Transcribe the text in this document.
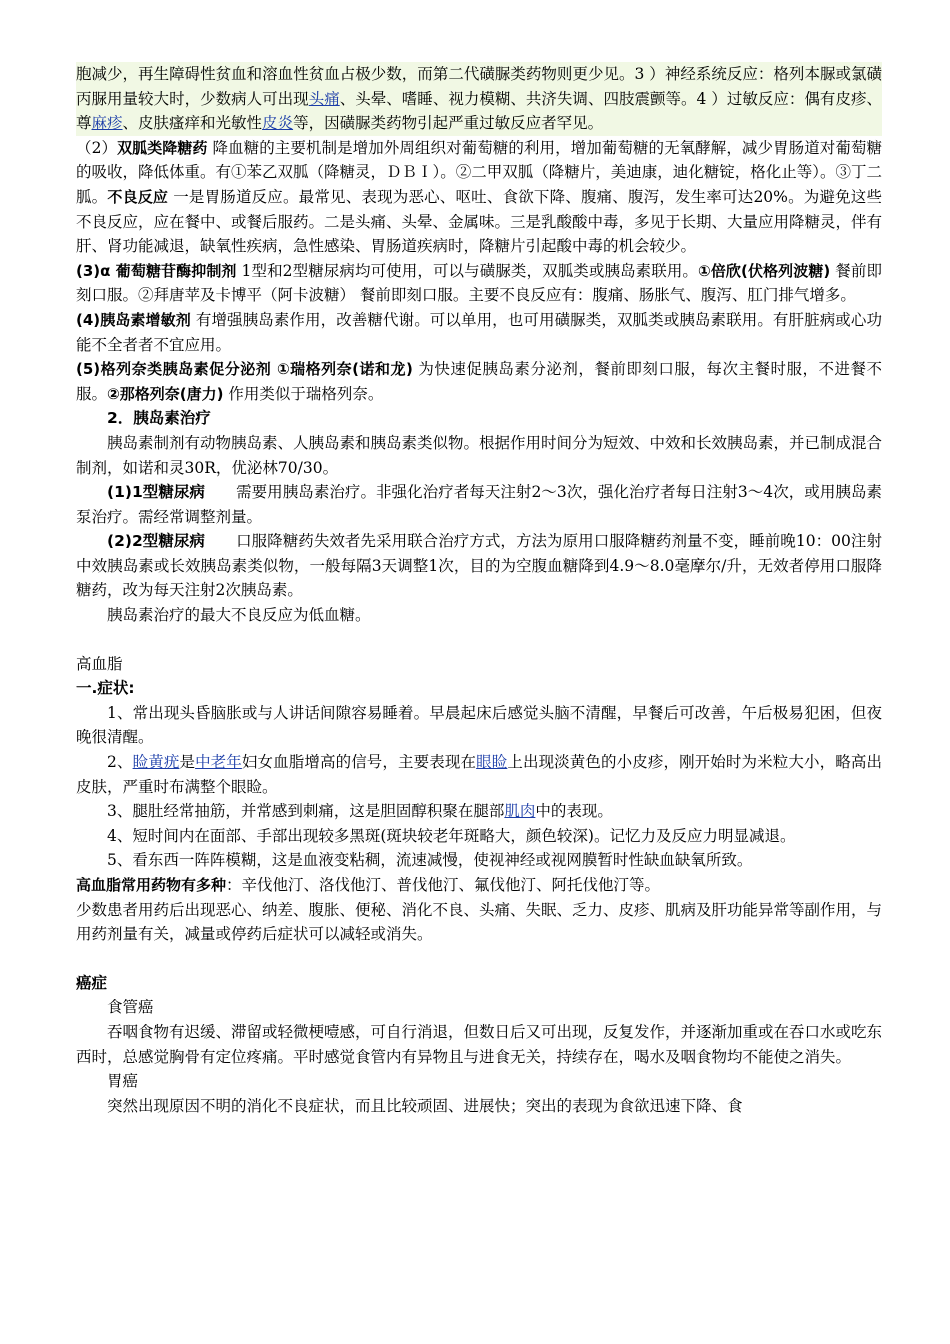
胞减少，再生障碍性贫血和溶血性贫血占极少数，而第二代磺脲类药物则更少见。3 ）神经系统反应：格列本脲或氯磺丙脲用量较大时，少数病人可出现头痛、头晕、嗜睡、视力模糊、共济失调、四肢震颤等。4 ）过敏反应：偶有皮疹、尊麻疹、皮肤瘙痒和光敏性皮炎等，因磺脲类药物引起严重过敏反应者罕见。

（2）双胍类降糖药 降血糖的主要机制是增加外周组织对葡萄糖的利用，增加葡萄糖的无氧酵解，减少胃肠道对葡萄糖的吸收，降低体重。有①苯乙双胍（降糖灵，ＤＢＩ）。②二甲双胍（降糖片，美迪康，迪化糖锭，格化止等）。③丁二胍。不良反应 一是胃肠道反应。最常见、表现为恶心、呕吐、食欲下降、腹痛、腹泻，发生率可达20%。为避免这些不良反应，应在餐中、或餐后服药。二是头痛、头晕、金属味。三是乳酸酸中毒，多见于长期、大量应用降糖灵，伴有肝、肾功能减退，缺氧性疾病，急性感染、胃肠道疾病时，降糖片引起酸中毒的机会较少。

(3)α 葡萄糖苷酶抑制剂 1型和2型糖尿病均可使用，可以与磺脲类，双胍类或胰岛素联用。①倍欣(伏格列波糖) 餐前即刻口服。②拜唐苹及卡博平（阿卡波糖） 餐前即刻口服。主要不良反应有：腹痛、肠胀气、腹泻、肛门排气增多。

(4)胰岛素增敏剂 有增强胰岛素作用，改善糖代谢。可以单用，也可用磺脲类，双胍类或胰岛素联用。有肝脏病或心功能不全者者不宜应用。

(5)格列奈类胰岛素促分泌剂 ①瑞格列奈(诺和龙) 为快速促胰岛素分泌剂，餐前即刻口服，每次主餐时服，不进餐不服。②那格列奈(唐力) 作用类似于瑞格列奈。

2．胰岛素治疗

胰岛素制剂有动物胰岛素、人胰岛素和胰岛素类似物。根据作用时间分为短效、中效和长效胰岛素，并已制成混合制剂，如诺和灵30R，优泌林70/30。

(1)1型糖尿病　　需要用胰岛素治疗。非强化治疗者每天注射2～3次，强化治疗者每日注射3～4次，或用胰岛素泵治疗。需经常调整剂量。

(2)2型糖尿病　　口服降糖药失效者先采用联合治疗方式，方法为原用口服降糖药剂量不变，睡前晚10：00注射中效胰岛素或长效胰岛素类似物，一般每隔3天调整1次，目的为空腹血糖降到4.9～8.0毫摩尔/升，无效者停用口服降糖药，改为每天注射2次胰岛素。

胰岛素治疗的最大不良反应为低血糖。

高血脂

一.症状:

1、常出现头昏脑胀或与人讲话间隙容易睡着。早晨起床后感觉头脑不清醒，早餐后可改善，午后极易犯困，但夜晚很清醒。

2、睑黄疣是中老年妇女血脂增高的信号，主要表现在眼睑上出现淡黄色的小皮疹，刚开始时为米粒大小，略高出皮肤，严重时布满整个眼睑。

3、腿肚经常抽筋，并常感到刺痛，这是胆固醇积聚在腿部肌肉中的表现。

4、短时间内在面部、手部出现较多黑斑(斑块较老年斑略大，颜色较深)。记忆力及反应力明显减退。

5、看东西一阵阵模糊，这是血液变粘稠，流速减慢，使视神经或视网膜暂时性缺血缺氧所致。

高血脂常用药物有多种：辛伐他汀、洛伐他汀、普伐他汀、氟伐他汀、阿托伐他汀等。

少数患者用药后出现恶心、纳差、腹胀、便秘、消化不良、头痛、失眠、乏力、皮疹、肌病及肝功能异常等副作用，与用药剂量有关，减量或停药后症状可以减轻或消失。

癌症

食管癌

吞咽食物有迟缓、滞留或轻微梗噎感，可自行消退，但数日后又可出现，反复发作，并逐渐加重或在吞口水或吃东西时，总感觉胸骨有定位疼痛。平时感觉食管内有异物且与进食无关，持续存在，喝水及咽食物均不能使之消失。

胃癌

突然出现原因不明的消化不良症状，而且比较顽固、进展快；突出的表现为食欲迅速下降、食
